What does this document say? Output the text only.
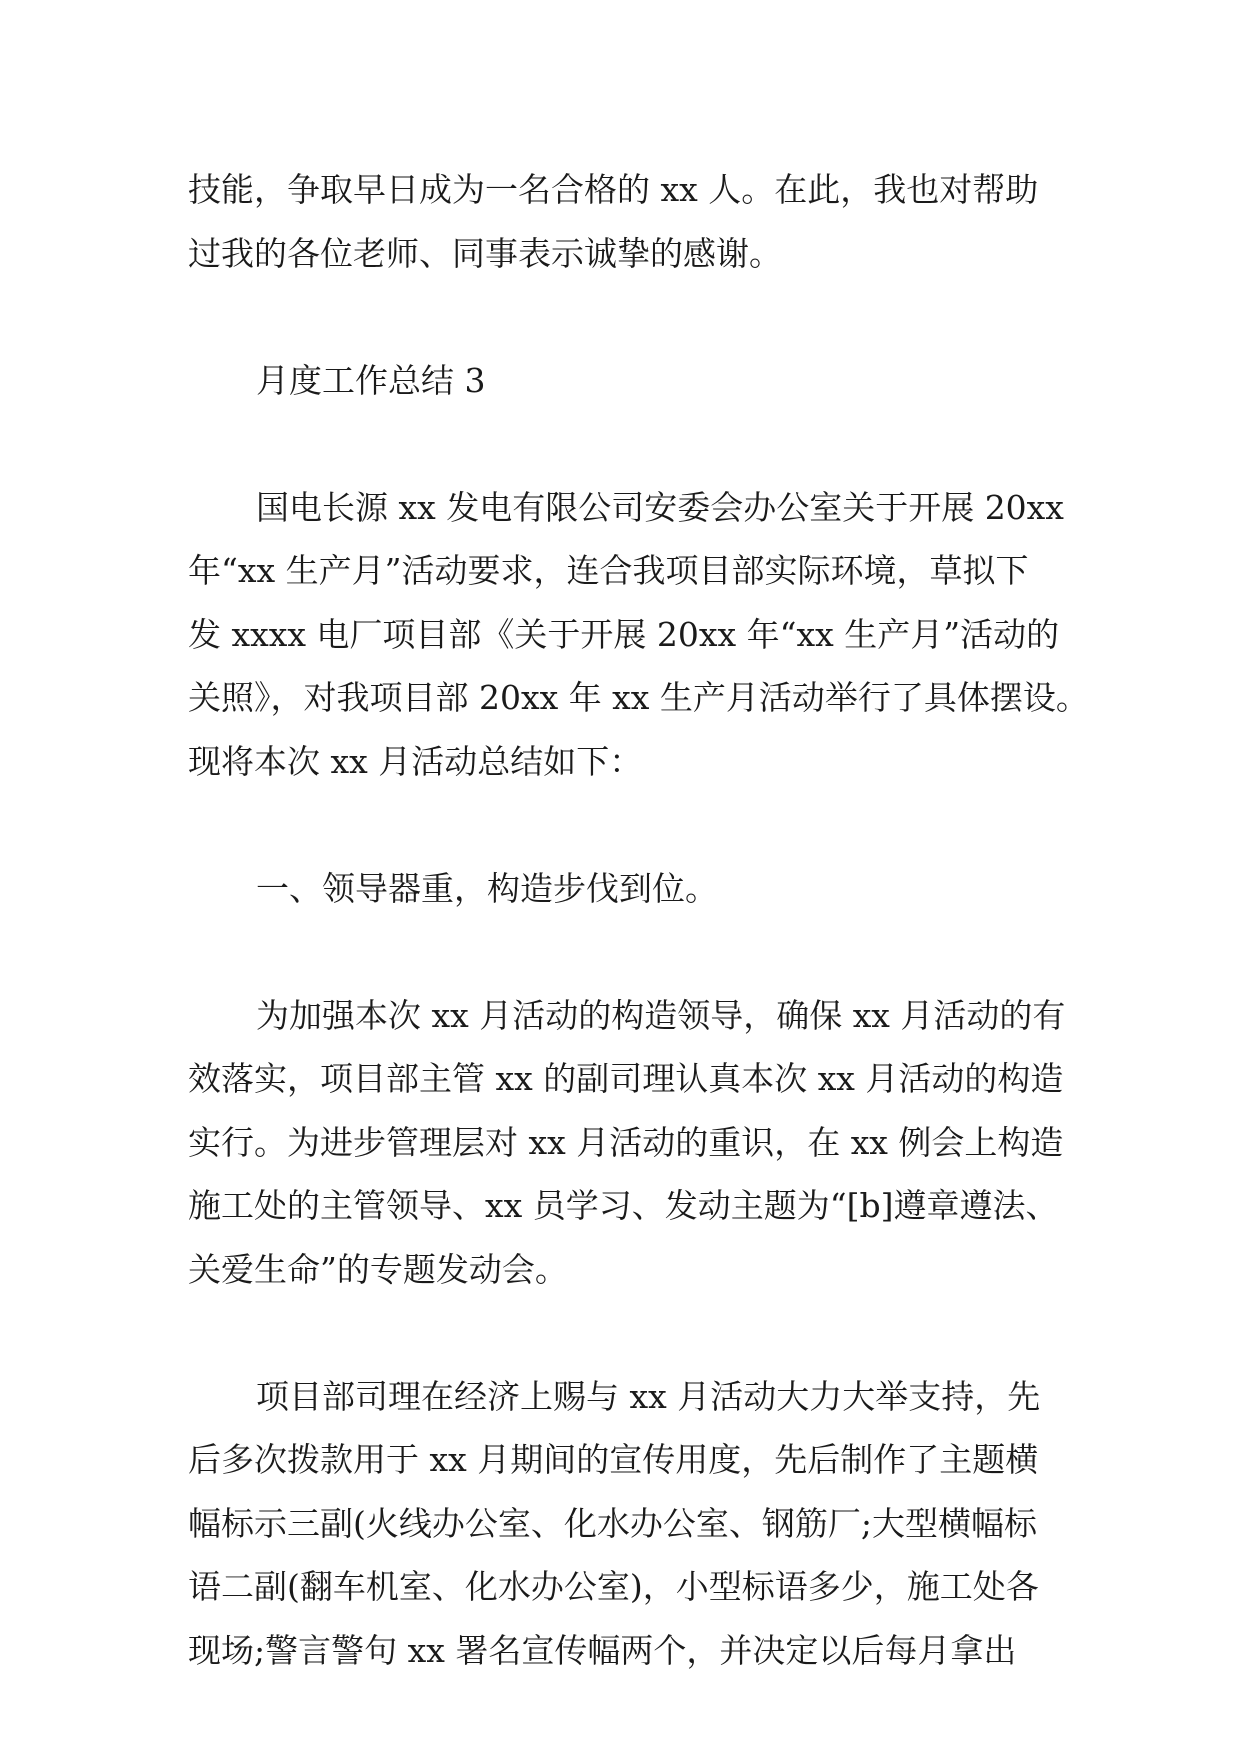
技能，争取早日成为一名合格的 xx 人。在此，我也对帮助
过我的各位老师、同事表示诚挚的感谢。
月度工作总结 3
国电长源 xx 发电有限公司安委会办公室关于开展 20xx
年“xx 生产月”活动要求，连合我项目部实际环境，草拟下
发 xxxx 电厂项目部《关于开展 20xx 年“xx 生产月”活动的
关照》，对我项目部 20xx 年 xx 生产月活动举行了具体摆设。
现将本次 xx 月活动总结如下：
一、领导器重，构造步伐到位。
为加强本次 xx 月活动的构造领导，确保 xx 月活动的有
效落实，项目部主管 xx 的副司理认真本次 xx 月活动的构造
实行。为进步管理层对 xx 月活动的重识，在 xx 例会上构造
施工处的主管领导、xx 员学习、发动主题为“[b]遵章遵法、
关爱生命”的专题发动会。
项目部司理在经济上赐与 xx 月活动大力大举支持，先
后多次拨款用于 xx 月期间的宣传用度，先后制作了主题横
幅标示三副(火线办公室、化水办公室、钢筋厂;大型横幅标
语二副(翻车机室、化水办公室)，小型标语多少，施工处各
现场;警言警句 xx 署名宣传幅两个，并决定以后每月拿出
